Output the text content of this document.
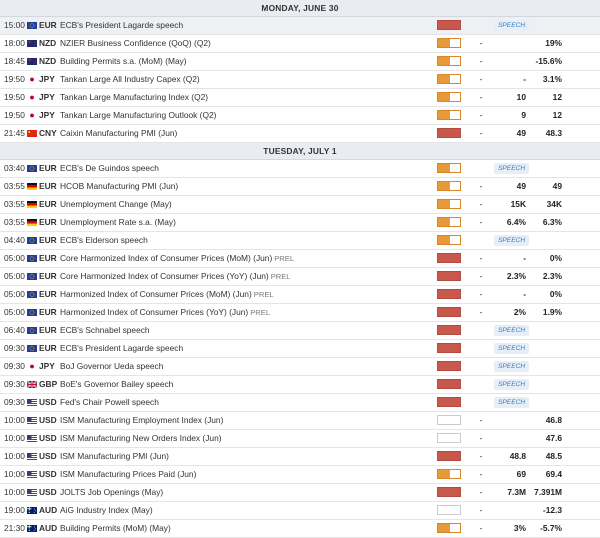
MONDAY, JUNE 30
15:00	EUR ECB's President Lagarde speech	SPEECH
18:00	NZD NZIER Business Confidence (QoQ) (Q2)	-	19%
18:45	NZD Building Permits s.a. (MoM) (May)	-	-15.6%
19:50	JPY Tankan Large All Industry Capex (Q2)	-	-	3.1%
19:50	JPY Tankan Large Manufacturing Index (Q2)	-	10	12
19:50	JPY Tankan Large Manufacturing Outlook (Q2)	-	9	12
21:45	CNY Caixin Manufacturing PMI (Jun)	-	49	48.3
TUESDAY, JULY 1
03:40	EUR ECB's De Guindos speech	SPEECH
03:55	EUR HCOB Manufacturing PMI (Jun)	-	49	49
03:55	EUR Unemployment Change (May)	-	15K	34K
03:55	EUR Unemployment Rate s.a. (May)	-	6.4%	6.3%
04:40	EUR ECB's Elderson speech	SPEECH
05:00	EUR Core Harmonized Index of Consumer Prices (MoM) (Jun) PREL	-	-	0%
05:00	EUR Core Harmonized Index of Consumer Prices (YoY) (Jun) PREL	-	2.3%	2.3%
05:00	EUR Harmonized Index of Consumer Prices (MoM) (Jun) PREL	-	-	0%
05:00	EUR Harmonized Index of Consumer Prices (YoY) (Jun) PREL	-	2%	1.9%
06:40	EUR ECB's Schnabel speech	SPEECH
09:30	EUR ECB's President Lagarde speech	SPEECH
09:30	JPY BoJ Governor Ueda speech	SPEECH
09:30	GBP BoE's Governor Bailey speech	SPEECH
09:30	USD Fed's Chair Powell speech	SPEECH
10:00	USD ISM Manufacturing Employment Index (Jun)	-	46.8
10:00	USD ISM Manufacturing New Orders Index (Jun)	-	47.6
10:00	USD ISM Manufacturing PMI (Jun)	-	48.8	48.5
10:00	USD ISM Manufacturing Prices Paid (Jun)	-	69	69.4
10:00	USD JOLTS Job Openings (May)	-	7.3M 7.391M
19:00	AUD AiG Industry Index (May)	-	-12.3
21:30	AUD Building Permits (MoM) (May)	-	3%	-5.7%
